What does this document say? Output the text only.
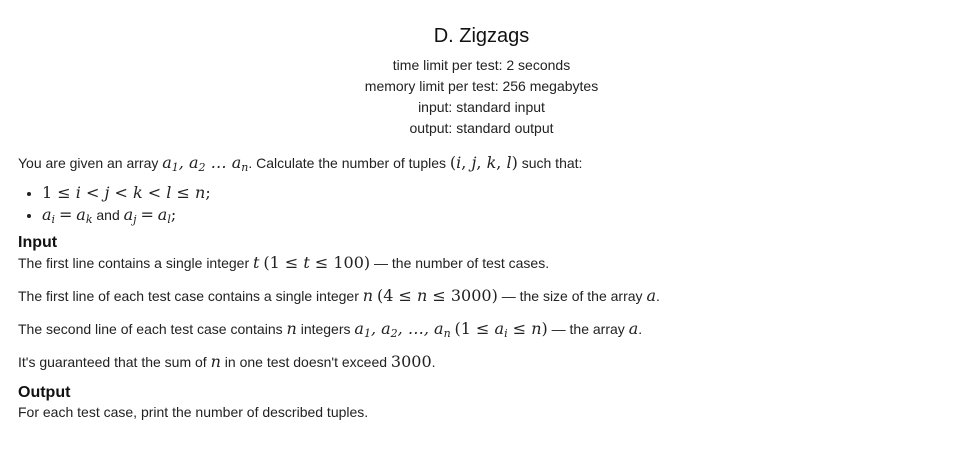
D. Zigzags
time limit per test: 2 seconds
memory limit per test: 256 megabytes
input: standard input
output: standard output

You are given an array $a_1$, $a_2$ … $a_n$. Calculate the number of tuples (i, j, k, l) such that:

• 1 ≤ i < j < k < l ≤ n;
• $a_i = a_k$ and $a_j = a_l$;
Input

The first line contains a single integer t (1 ≤ t ≤ 100) — the number of test cases.

The first line of each test case contains a single integer n (4 ≤ n ≤ 3000) — the size of the array a.

The second line of each test case contains n integers $a_1$, $a_2$, …, $a_n$ $(1 \le a_i \le n)$ — the array a.

It's guaranteed that the sum of n in one test doesn't exceed 3000.

Output

For each test case, print the number of described tuples.
